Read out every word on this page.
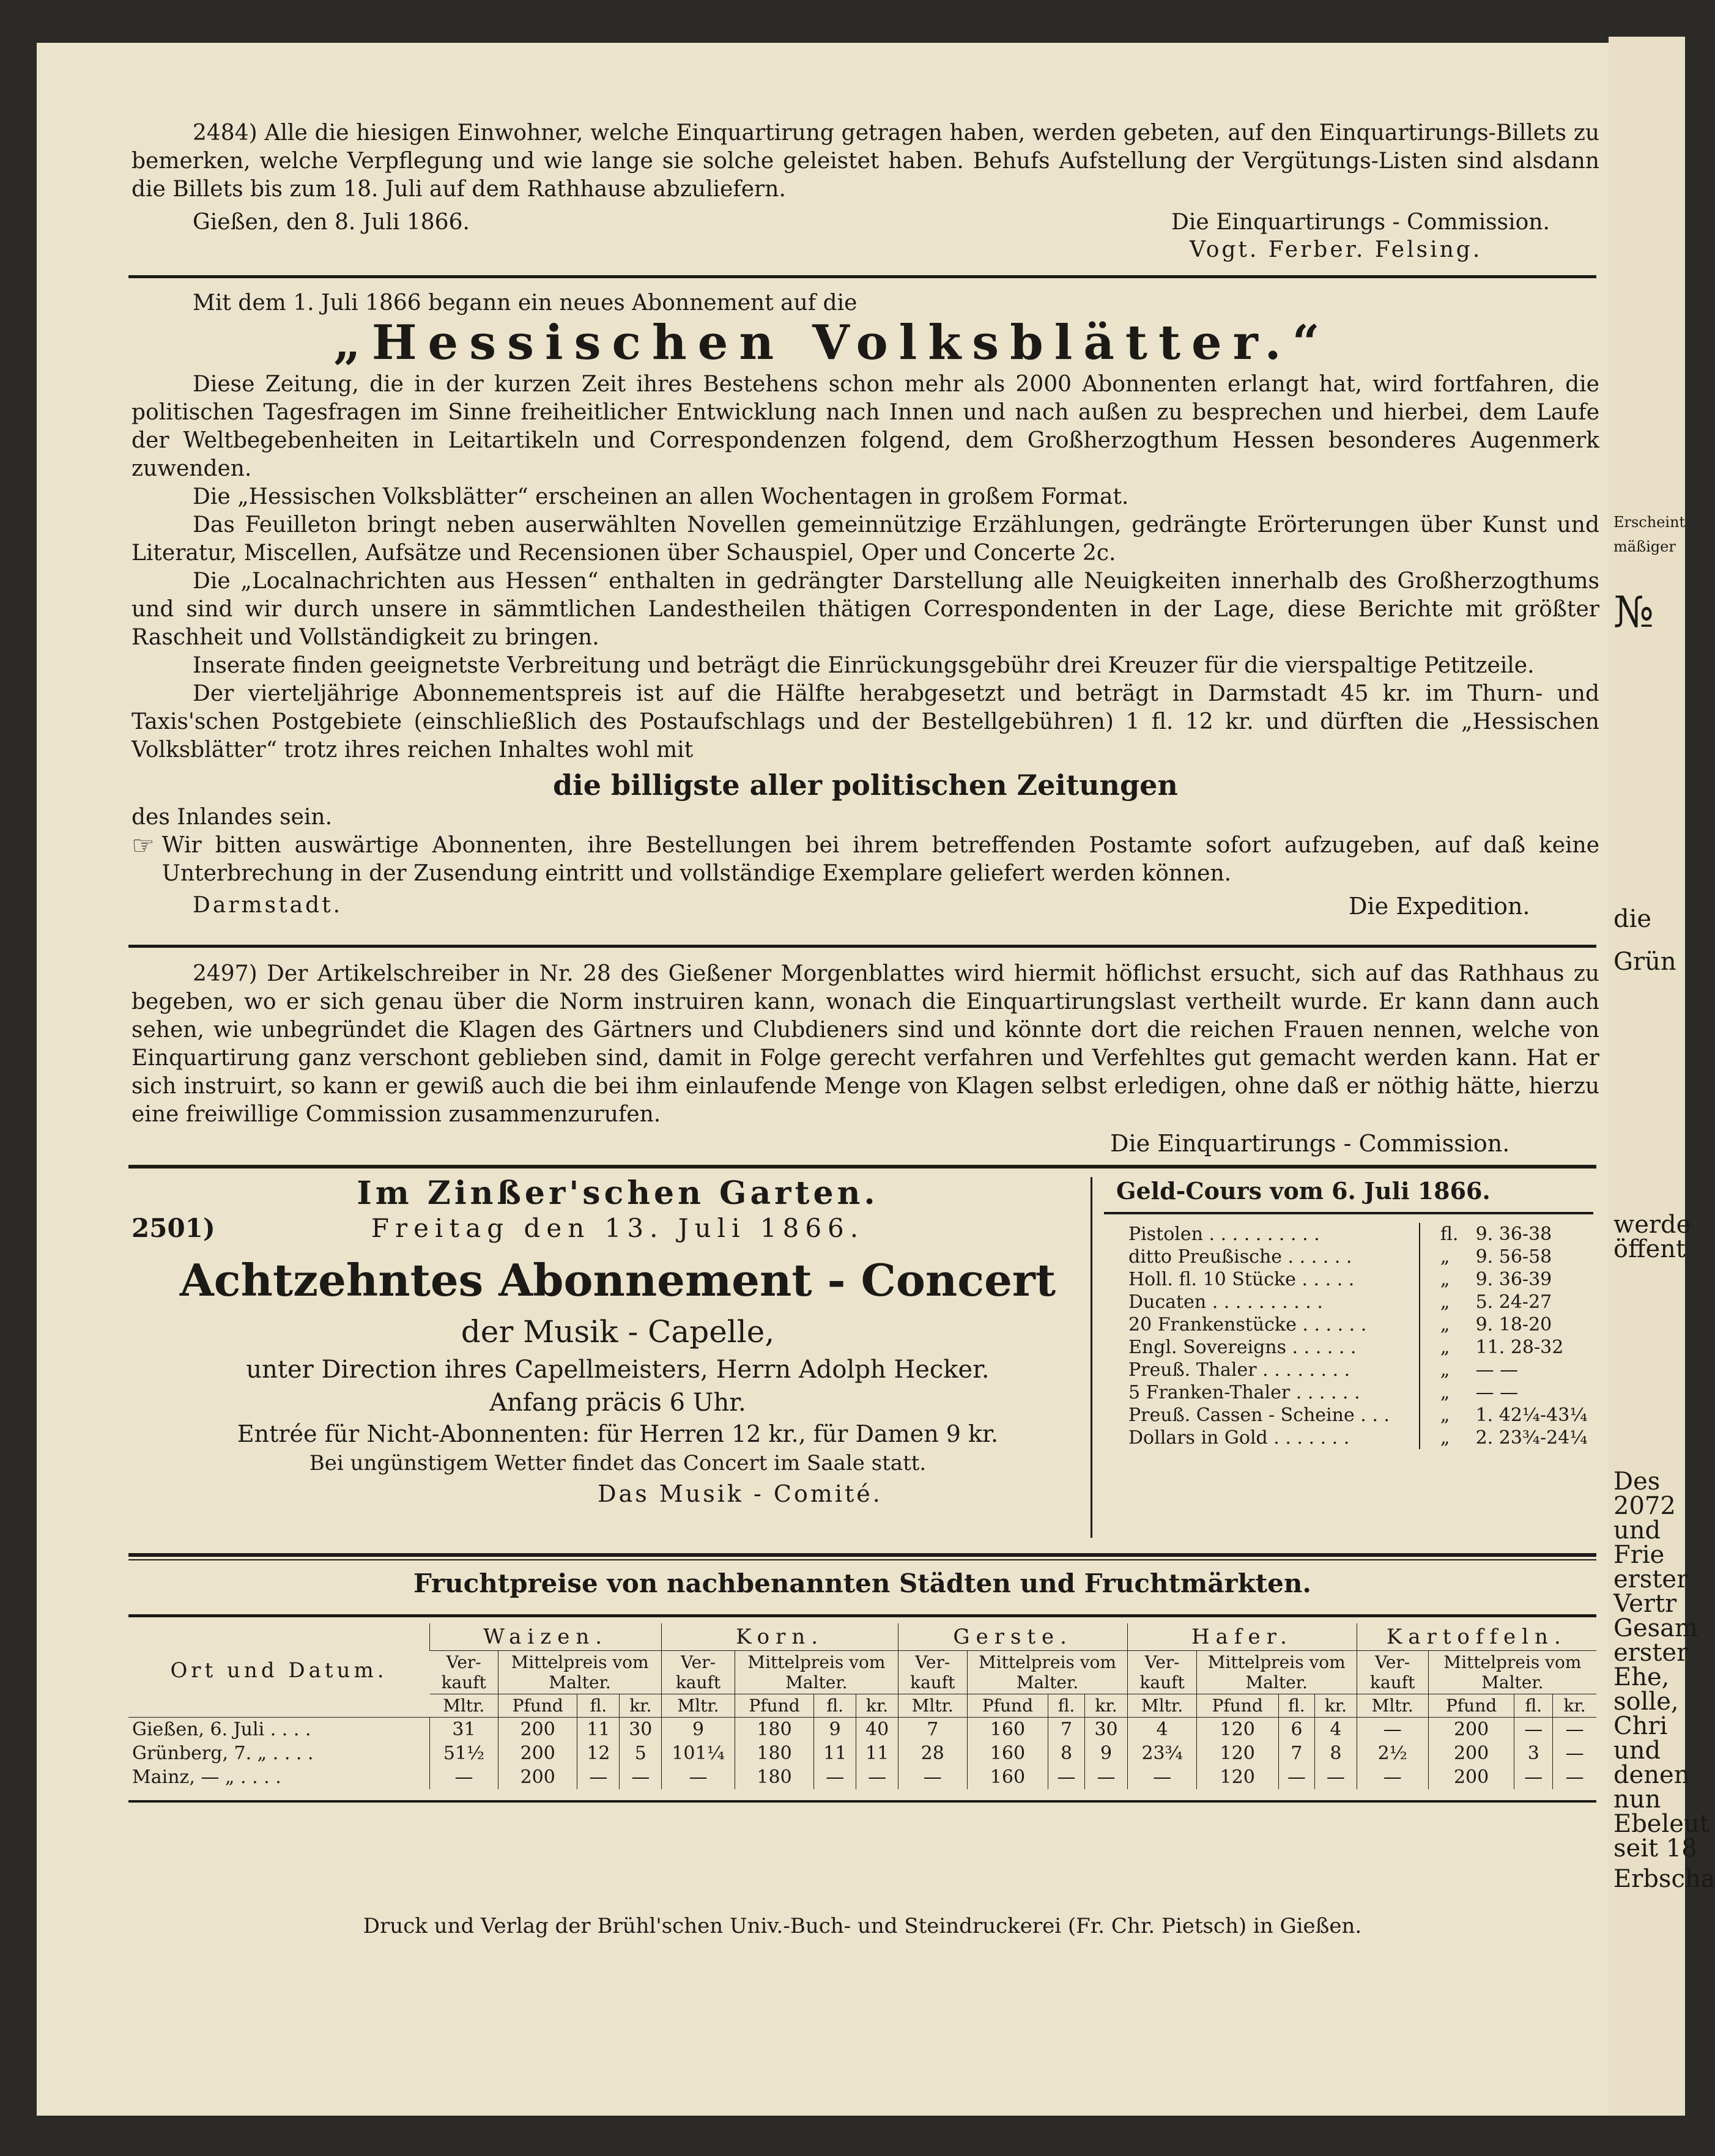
2484) Alle die hiesigen Einwohner, welche Einquartirung getragen haben, werden gebeten, auf den Einquartirungs-Billets zu bemerken, welche Verpflegung und wie lange sie solche geleistet haben. Behufs Aufstellung der Vergütungs-Listen sind alsdann die Billets bis zum 18. Juli auf dem Rathhause abzuliefern.

Gießen, den 8. Juli 1866.	Die Einquartirungs - Commission.

Vogt. Ferber. Felsing.

Mit dem 1. Juli 1866 begann ein neues Abonnement auf die

„Hessischen Volksblätter.“

Diese Zeitung, die in der kurzen Zeit ihres Bestehens schon mehr als 2000 Abonnenten erlangt hat, wird fortfahren, die politischen Tagesfragen im Sinne freiheitlicher Entwicklung nach Innen und nach außen zu besprechen und hierbei, dem Laufe der Weltbegebenheiten in Leitartikeln und Correspondenzen folgend, dem Großherzogthum Hessen besonderes Augenmerk zuwenden.

Die „Hessischen Volksblätter“ erscheinen an allen Wochentagen in großem Format.

Das Feuilleton bringt neben auserwählten Novellen gemeinnützige Erzählungen, gedrängte Erörterungen über Kunst und Literatur, Miscellen, Aufsätze und Recensionen über Schauspiel, Oper und Concerte 2c.

Die „Localnachrichten aus Hessen“ enthalten in gedrängter Darstellung alle Neuigkeiten innerhalb des Großherzogthums und sind wir durch unsere in sämmtlichen Landestheilen thätigen Correspondenten in der Lage, diese Berichte mit größter Raschheit und Vollständigkeit zu bringen.

Inserate finden geeignetste Verbreitung und beträgt die Einrückungsgebühr drei Kreuzer für die vierspaltige Petitzeile.

Der vierteljährige Abonnementspreis ist auf die Hälfte herabgesetzt und beträgt in Darmstadt 45 kr. im Thurn- und Taxis'schen Postgebiete (einschließlich des Postaufschlags und der Bestellgebühren) 1 fl. 12 kr. und dürften die „Hessischen Volksblätter“ trotz ihres reichen Inhaltes wohl mit

die billigste aller politischen Zeitungen

des Inlandes sein.

☞ Wir bitten auswärtige Abonnenten, ihre Bestellungen bei ihrem betreffenden Postamte sofort aufzugeben, auf daß keine Unterbrechung in der Zusendung eintritt und vollständige Exemplare geliefert werden können.

Darmstadt.	Die Expedition.

2497) Der Artikelschreiber in Nr. 28 des Gießener Morgenblattes wird hiermit höflichst ersucht, sich auf das Rathhaus zu begeben, wo er sich genau über die Norm instruiren kann, wonach die Einquartirungslast vertheilt wurde. Er kann dann auch sehen, wie unbegründet die Klagen des Gärtners und Clubdieners sind und könnte dort die reichen Frauen nennen, welche von Einquartirung ganz verschont geblieben sind, damit in Folge gerecht verfahren und Verfehltes gut gemacht werden kann. Hat er sich instruirt, so kann er gewiß auch die bei ihm einlaufende Menge von Klagen selbst erledigen, ohne daß er nöthig hätte, hierzu eine freiwillige Commission zusammenzurufen.

Die Einquartirungs - Commission.

Im Zinßer'schen Garten.

2501)	Freitag den 13. Juli 1866.

Achtzehntes Abonnement - Concert

der Musik - Capelle,

unter Direction ihres Capellmeisters, Herrn Adolph Hecker.

Anfang präcis 6 Uhr.

Entrée für Nicht-Abonnenten: für Herren 12 kr., für Damen 9 kr.

Bei ungünstigem Wetter findet das Concert im Saale statt.

Das Musik - Comité.

Geld-Cours vom 6. Juli 1866.

Pistolen . . . . . . . . . .	fl. 9. 36-38
ditto Preußische . . . . . .	„	9. 56-58
Holl. fl. 10 Stücke . . . . .	„	9. 36-39
Ducaten . . . . . . . . . .	„	5. 24-27
20 Frankenstücke . . . . . .	„	9. 18-20
Engl. Sovereigns . . . . . .	„	11. 28-32
Preuß. Thaler . . . . . . . .	„	— —
5 Franken-Thaler . . . . . .	„	— —
Preuß. Cassen - Scheine . . .	„	1. 42¼-43¼
Dollars in Gold . . . . . . .	„	2. 23¾-24¼

Fruchtpreise von nachbenannten Städten und Fruchtmärkten.

Ort und Datum.	Waizen.				Korn.				Gerste.				Hafer.				Kartoffeln.			
	Ver-kauft	Mittelpreis vom Malter.			Ver-kauft	Mittelpreis vom Malter.			Ver-kauft	Mittelpreis vom Malter.			Ver-kauft	Mittelpreis vom Malter.			Ver-kauft	Mittelpreis vom Malter.		
	Mltr.	Pfund	fl.	kr.	Mltr.	Pfund	fl.	kr.	Mltr.	Pfund	fl.	kr.	Mltr.	Pfund	fl.	kr.	Mltr.	Pfund	fl.	kr.
Gießen, 6. Juli . . . .	31	200	11	30	9	180	9	40	7	160	7	30	4	120	6	4	—	200	—	—
Grünberg, 7. „ . . . .	51½	200	12	5	101¼	180	11	11	28	160	8	9	23¾	120	7	8	2½	200	3	—
Mainz, — „ . . . .	—	200	—	—	—	180	—	—	—	160	—	—	—	120	—	—	—	200	—	—

Druck und Verlag der Brühl'schen Univ.-Buch- und Steindruckerei (Fr. Chr. Pietsch) in Gießen.

Erscheint
mäßiger
№
die
Grün
werde
öffent
Des
2072
und
Frie
erster
Vertr
Gesam
erster
Ehe,
solle,
Chri
und
denen
nun
Ebeleut
seit 18
Erbscha
